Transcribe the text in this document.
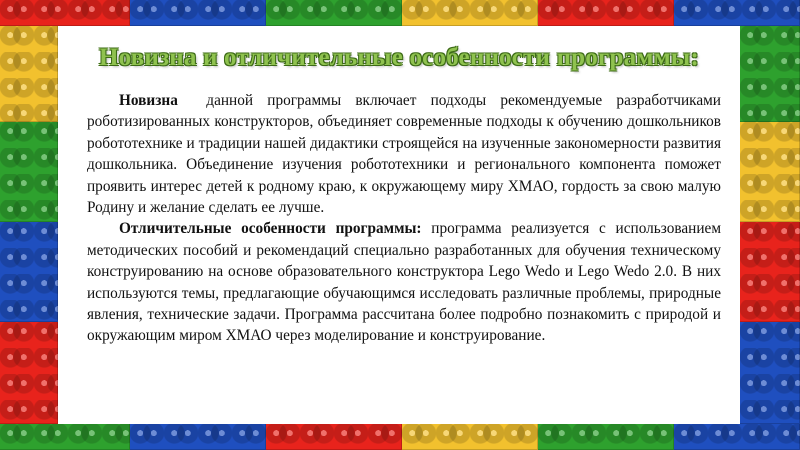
Новизна и отличительные особенности программы:

Новизна  данной программы включает подходы рекомендуемые разработчиками роботизированных конструкторов, объединяет современные подходы к обучению дошкольников робототехнике и традиции нашей дидактики строящейся на изученные закономерности развития дошкольника. Объединение изучения робототехники и регионального компонента поможет проявить интерес детей к родному краю, к окружающему миру ХМАО, гордость за свою малую Родину и желание сделать ее лучше.

Отличительные особенности программы: программа реализуется с использованием методических пособий и рекомендаций специально разработанных для обучения техническому конструированию на основе образовательного конструктора Lego Wedo и Lego Wedo 2.0. В них используются темы, предлагающие обучающимся исследовать различные проблемы, природные явления, технические задачи. Программа рассчитана более подробно познакомить с природой и окружающим миром ХМАО через моделирование и конструирование.
